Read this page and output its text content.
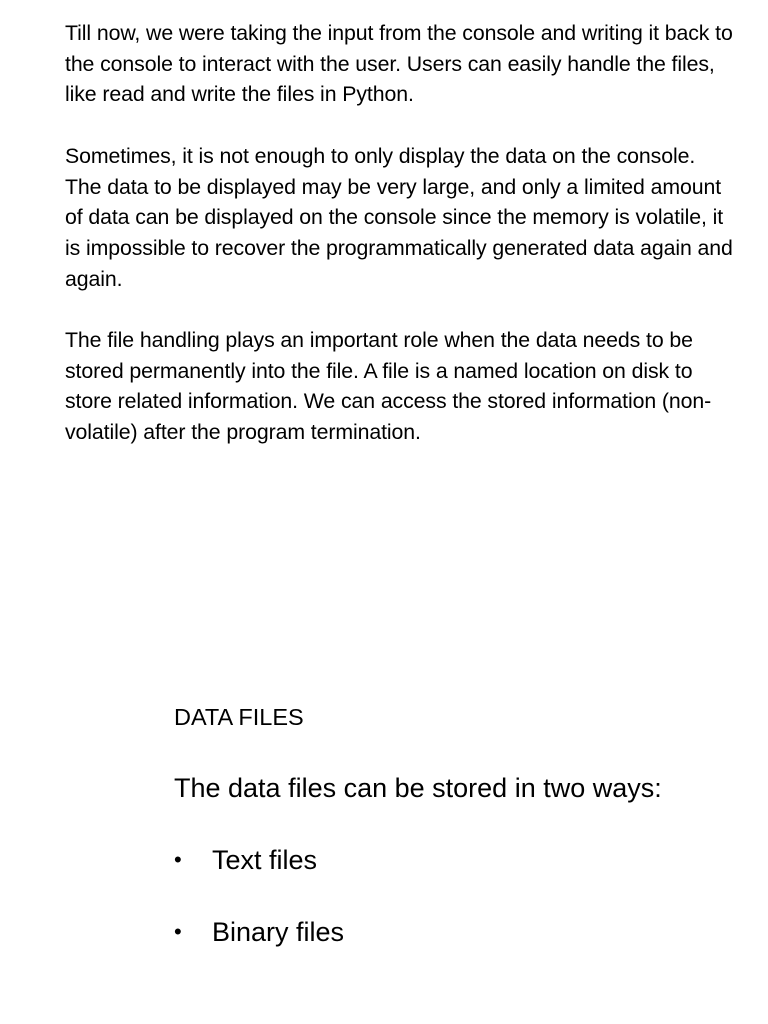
Till now, we were taking the input from the console and writing it back to the console to interact with the user. Users can easily handle the files, like read and write the files in Python.

Sometimes, it is not enough to only display the data on the console. The data to be displayed may be very large, and only a limited amount of data can be displayed on the console since the memory is volatile, it is impossible to recover the programmatically generated data again and again.

The file handling plays an important role when the data needs to be stored permanently into the file. A file is a named location on disk to store related information. We can access the stored information (non-volatile) after the program termination.

DATA FILES

The data files can be stored in two ways:

•	Text files
•	Binary files
